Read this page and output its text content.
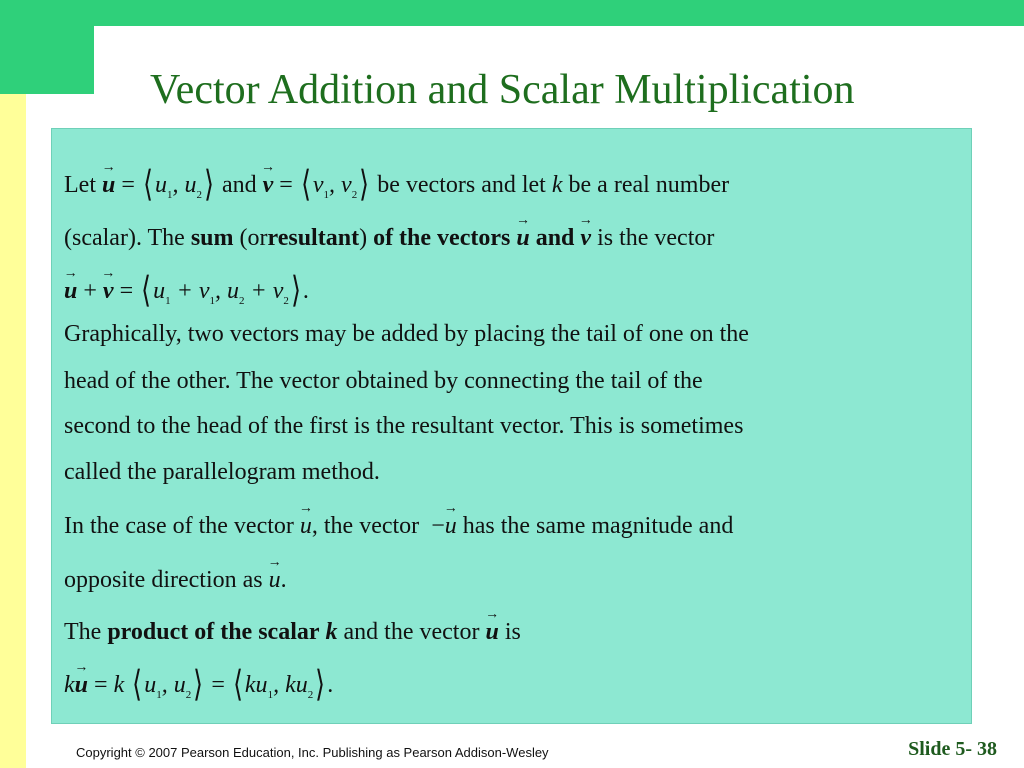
Vector Addition and Scalar Multiplication
Let → $u = ⟨u_1$, $u_2⟩$ and → $v = ⟨v_1$, $v_2⟩$ be vectors and let k be a real number
(scalar). The sum (orresultant) of the vectors → u and → v is the vector
→ u + → $v = ⟨u_1 + v_1$, $u_2$ + $v_2⟩$.
Graphically, two vectors may be added by placing the tail of one on the
head of the other. The vector obtained by connecting the tail of the
second to the head of the first is the resultant vector. This is sometimes
called the parallelogram method.
In the case of the vector → u, the vector  −→ u has the same magnitude and
opposite direction as → u.
The product of the scalar k and the vector → u is
k→ u = k $⟨u_1$, $u_2⟩$ = $⟨ku_1$, $ku_2⟩$.
Copyright © 2007 Pearson Education, Inc. Publishing as Pearson Addison-Wesley	Slide 5- 38
